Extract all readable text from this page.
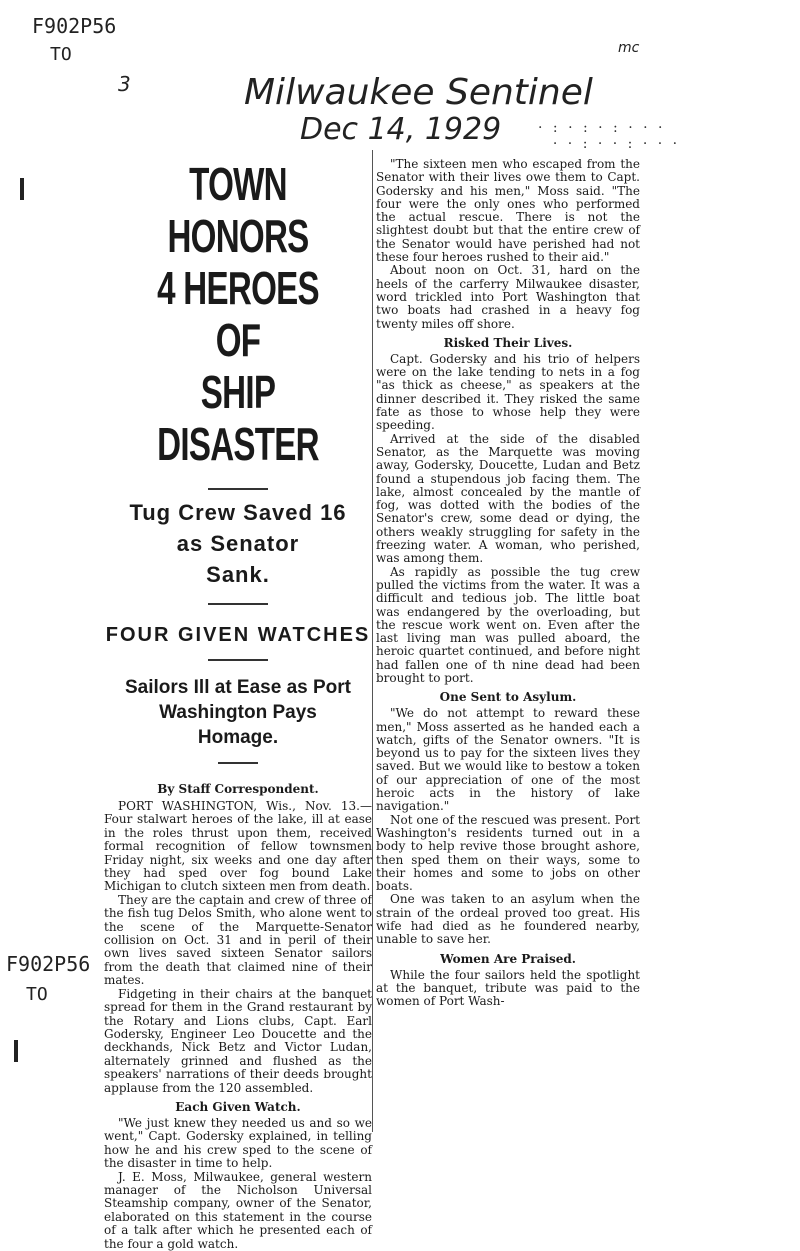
F902P56
TO
3
mc
F902P56
TO
Milwaukee Sentinel
Dec 14, 1929	· : · : · : · · ·
· · : · · : · · ·
TOWN HONORS
4 HEROES OF
SHIP DISASTER
Tug Crew Saved 16
as Senator
Sank.
FOUR GIVEN WATCHES
Sailors Ill at Ease as Port
Washington Pays
Homage.
By Staff Correspondent.

PORT WASHINGTON, Wis., Nov. 13.—Four stalwart heroes of the lake, ill at ease in the roles thrust upon them, received formal recognition of fellow townsmen Friday night, six weeks and one day after they had sped over fog bound Lake Michigan to clutch sixteen men from death.

They are the captain and crew of three of the fish tug Delos Smith, who alone went to the scene of the Marquette-Senator collision on Oct. 31 and in peril of their own lives saved sixteen Senator sailors from the death that claimed nine of their mates.

Fidgeting in their chairs at the banquet spread for them in the Grand restaurant by the Rotary and Lions clubs, Capt. Earl Godersky, Engineer Leo Doucette and the deckhands, Nick Betz and Victor Ludan, alternately grinned and flushed as the speakers' narrations of their deeds brought applause from the 120 assembled.

Each Given Watch.

"We just knew they needed us and so we went," Capt. Godersky explained, in telling how he and his crew sped to the scene of the disaster in time to help.

J. E. Moss, Milwaukee, general western manager of the Nicholson Universal Steamship company, owner of the Senator, elaborated on this statement in the course of a talk after which he presented each of the four a gold watch.

"The sixteen men who escaped from the Senator with their lives owe them to Capt. Godersky and his men," Moss said. "The four were the only ones who performed the actual rescue. There is not the slightest doubt but that the entire crew of the Senator would have perished had not these four heroes rushed to their aid."

About noon on Oct. 31, hard on the heels of the carferry Milwaukee disaster, word trickled into Port Washington that two boats had crashed in a heavy fog twenty miles off shore.

Risked Their Lives.

Capt. Godersky and his trio of helpers were on the lake tending to nets in a fog "as thick as cheese," as speakers at the dinner described it. They risked the same fate as those to whose help they were speeding.

Arrived at the side of the disabled Senator, as the Marquette was moving away, Godersky, Doucette, Ludan and Betz found a stupendous job facing them. The lake, almost concealed by the mantle of fog, was dotted with the bodies of the Senator's crew, some dead or dying, the others weakly struggling for safety in the freezing water. A woman, who perished, was among them.

As rapidly as possible the tug crew pulled the victims from the water. It was a difficult and tedious job. The little boat was endangered by the overloading, but the rescue work went on. Even after the last living man was pulled aboard, the heroic quartet continued, and before night had fallen one of th nine dead had been brought to port.

One Sent to Asylum.

"We do not attempt to reward these men," Moss asserted as he handed each a watch, gifts of the Senator owners. "It is beyond us to pay for the sixteen lives they saved. But we would like to bestow a token of our appreciation of one of the most heroic acts in the history of lake navigation."

Not one of the rescued was present. Port Washington's residents turned out in a body to help revive those brought ashore, then sped them on their ways, some to their homes and some to jobs on other boats.

One was taken to an asylum when the strain of the ordeal proved too great. His wife had died as he foundered nearby, unable to save her.

Women Are Praised.

While the four sailors held the spotlight at the banquet, tribute was paid to the women of Port Wash-
